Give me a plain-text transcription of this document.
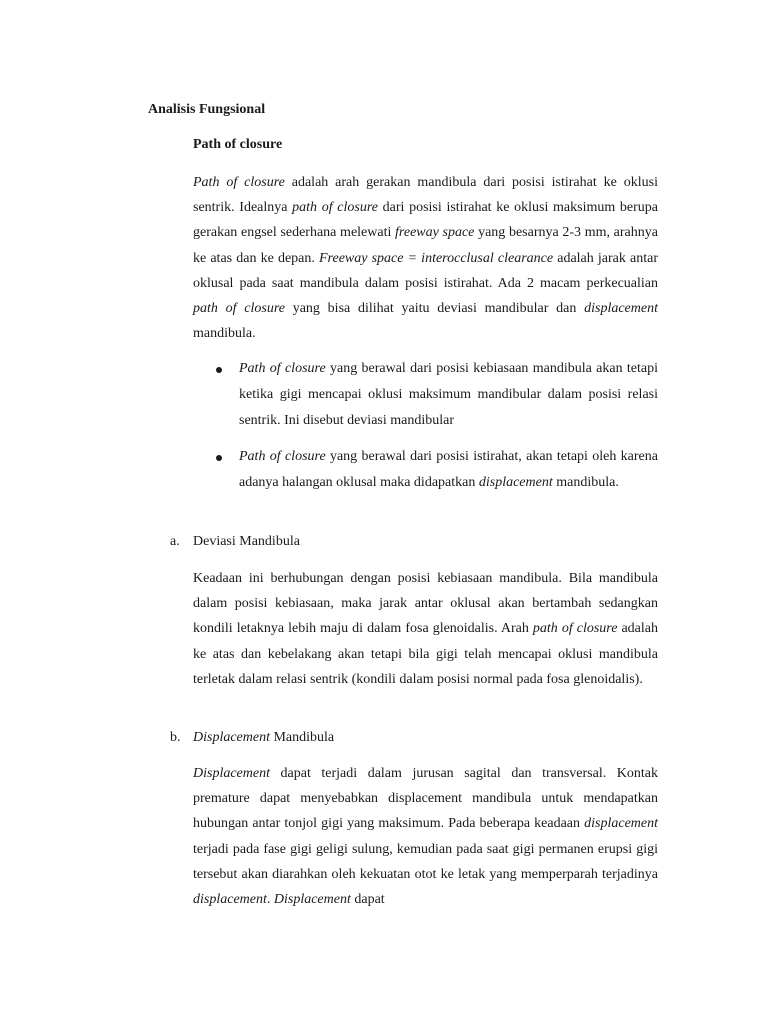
Analisis Fungsional
Path of closure

Path of closure adalah arah gerakan mandibula dari posisi istirahat ke oklusi sentrik. Idealnya path of closure dari posisi istirahat ke oklusi maksimum berupa gerakan engsel sederhana melewati freeway space yang besarnya 2-3 mm, arahnya ke atas dan ke depan. Freeway space = interocclusal clearance adalah jarak antar oklusal pada saat mandibula dalam posisi istirahat. Ada 2 macam perkecualian path of closure yang bisa dilihat yaitu deviasi mandibular dan displacement mandibula.

Path of closure yang berawal dari posisi kebiasaan mandibula akan tetapi ketika gigi mencapai oklusi maksimum mandibular dalam posisi relasi sentrik. Ini disebut deviasi mandibular

Path of closure yang berawal dari posisi istirahat, akan tetapi oleh karena adanya halangan oklusal maka didapatkan displacement mandibula.

a. Deviasi Mandibula

Keadaan ini berhubungan dengan posisi kebiasaan mandibula. Bila mandibula dalam posisi kebiasaan, maka jarak antar oklusal akan bertambah sedangkan kondili letaknya lebih maju di dalam fosa glenoidalis. Arah path of closure adalah ke atas dan kebelakang akan tetapi bila gigi telah mencapai oklusi mandibula terletak dalam relasi sentrik (kondili dalam posisi normal pada fosa glenoidalis).

b. Displacement Mandibula

Displacement dapat terjadi dalam jurusan sagital dan transversal. Kontak premature dapat menyebabkan displacement mandibula untuk mendapatkan hubungan antar tonjol gigi yang maksimum. Pada beberapa keadaan displacement terjadi pada fase gigi geligi sulung, kemudian pada saat gigi permanen erupsi gigi tersebut akan diarahkan oleh kekuatan otot ke letak yang memperparah terjadinya displacement. Displacement dapat
